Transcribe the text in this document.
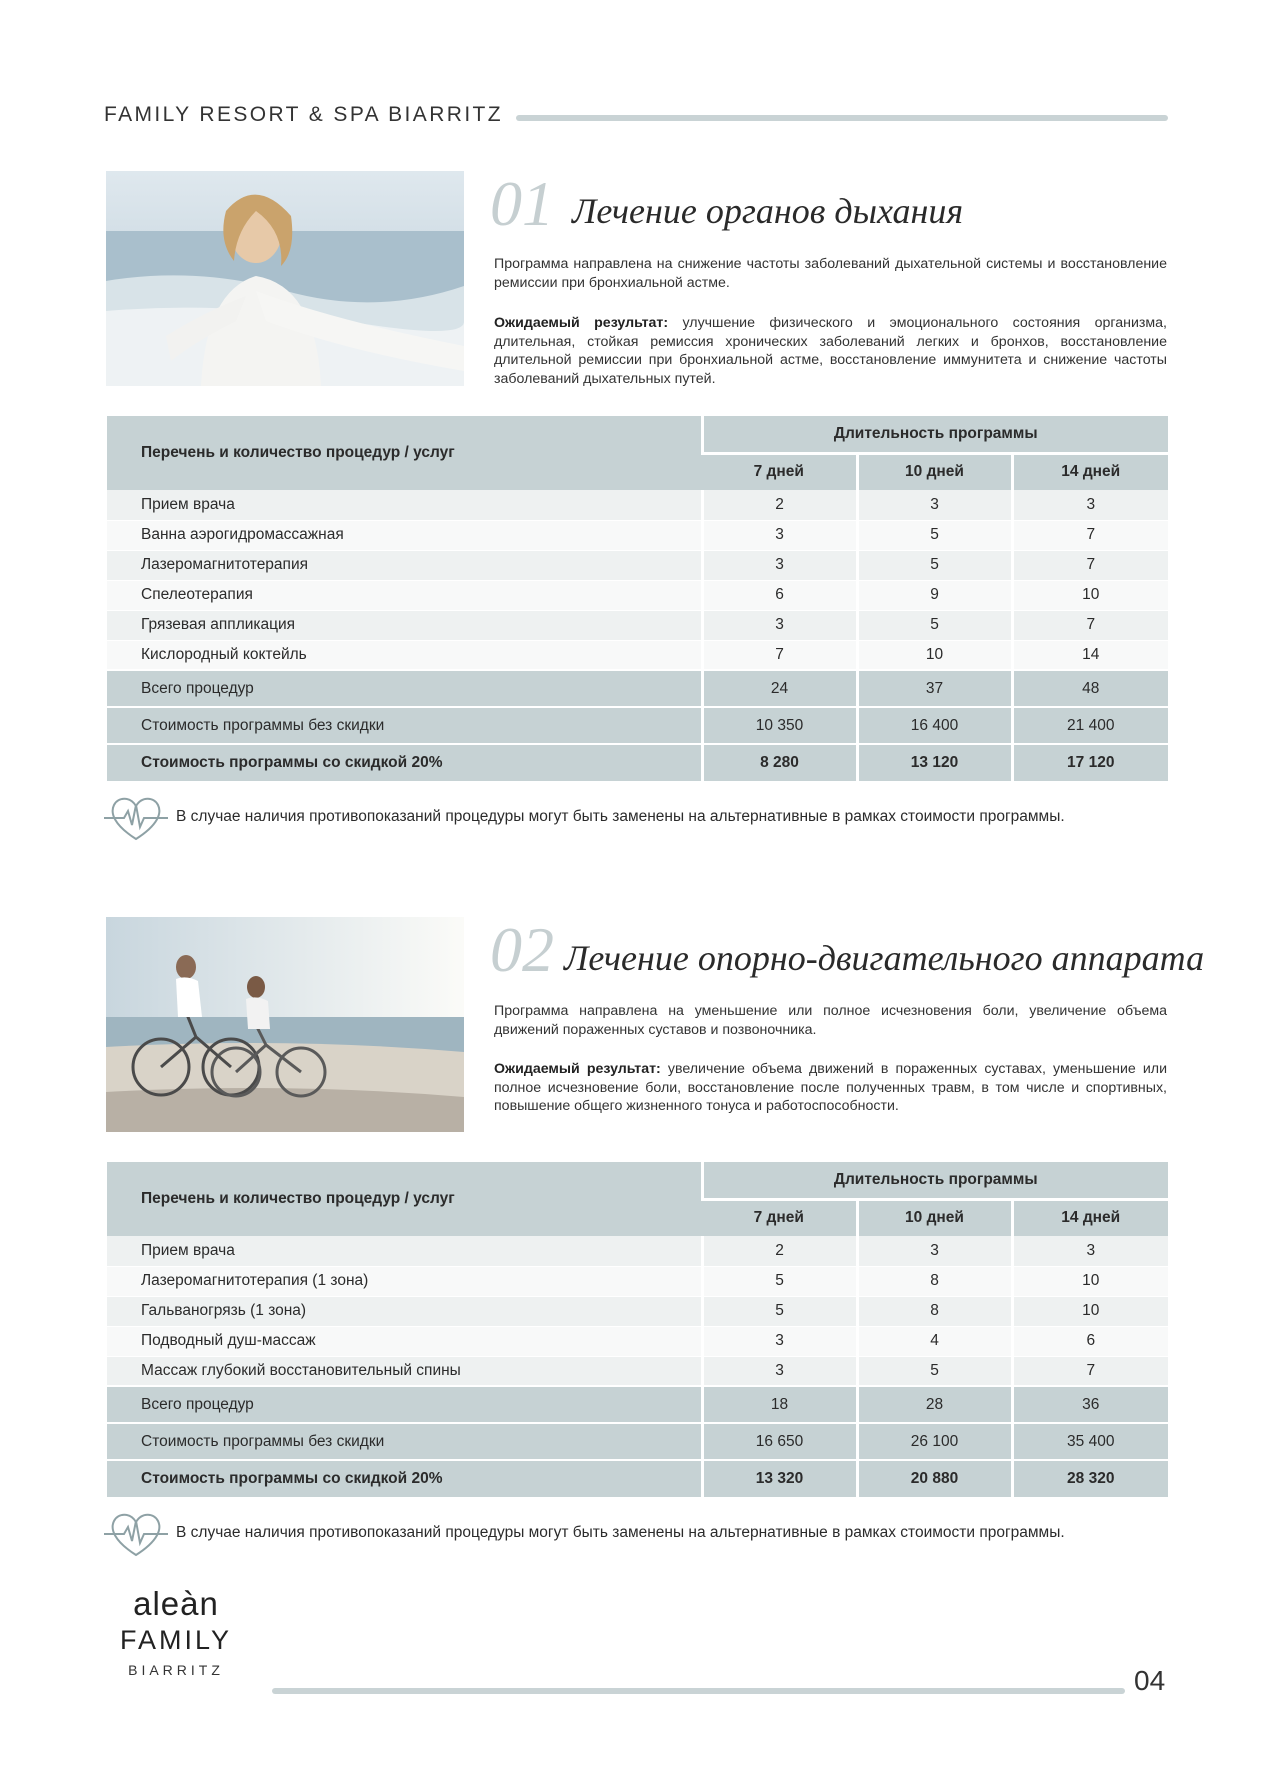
FAMILY RESORT & SPA BIARRITZ
01 Лечение органов дыхания
Программа направлена на снижение частоты заболеваний дыхательной системы и восстановление ремиссии при бронхиальной астме.
Ожидаемый результат: улучшение физического и эмоционального состояния организма, длительная, стойкая ремиссия хронических заболеваний легких и бронхов, восстановление длительной ремиссии при бронхиальной астме, восстановление иммунитета и снижение частоты заболеваний дыхательных путей.
Перечень и количество процедур / услуг	Длительность программы		
	7 дней	10 дней	14 дней
Прием врача	2	3	3
Ванна аэрогидромассажная	3	5	7
Лазеромагнитотерапия	3	5	7
Спелеотерапия	6	9	10
Грязевая аппликация	3	5	7
Кислородный коктейль	7	10	14
Всего процедур	24	37	48
Стоимость программы без скидки	10 350	16 400	21 400
Стоимость программы со скидкой 20%	8 280	13 120	17 120
В случае наличия противопоказаний процедуры могут быть заменены на альтернативные в рамках стоимости программы.
02 Лечение опорно-двигательного аппарата
Программа направлена на уменьшение или полное исчезновения боли, увеличение объема движений пораженных суставов и позвоночника.
Ожидаемый результат: увеличение объема движений в пораженных суставах, уменьшение или полное исчезновение боли, восстановление после полученных травм, в том числе и спортивных, повышение общего жизненного тонуса и работоспособности.
Перечень и количество процедур / услуг	Длительность программы		
	7 дней	10 дней	14 дней
Прием врача	2	3	3
Лазеромагнитотерапия (1 зона)	5	8	10
Гальваногрязь (1 зона)	5	8	10
Подводный душ-массаж	3	4	6
Массаж глубокий восстановительный спины	3	5	7
Всего процедур	18	28	36
Стоимость программы без скидки	16 650	26 100	35 400
Стоимость программы со скидкой 20%	13 320	20 880	28 320
В случае наличия противопоказаний процедуры могут быть заменены на альтернативные в рамках стоимости программы.
aleàn
FAMILY
BIARRITZ	04
